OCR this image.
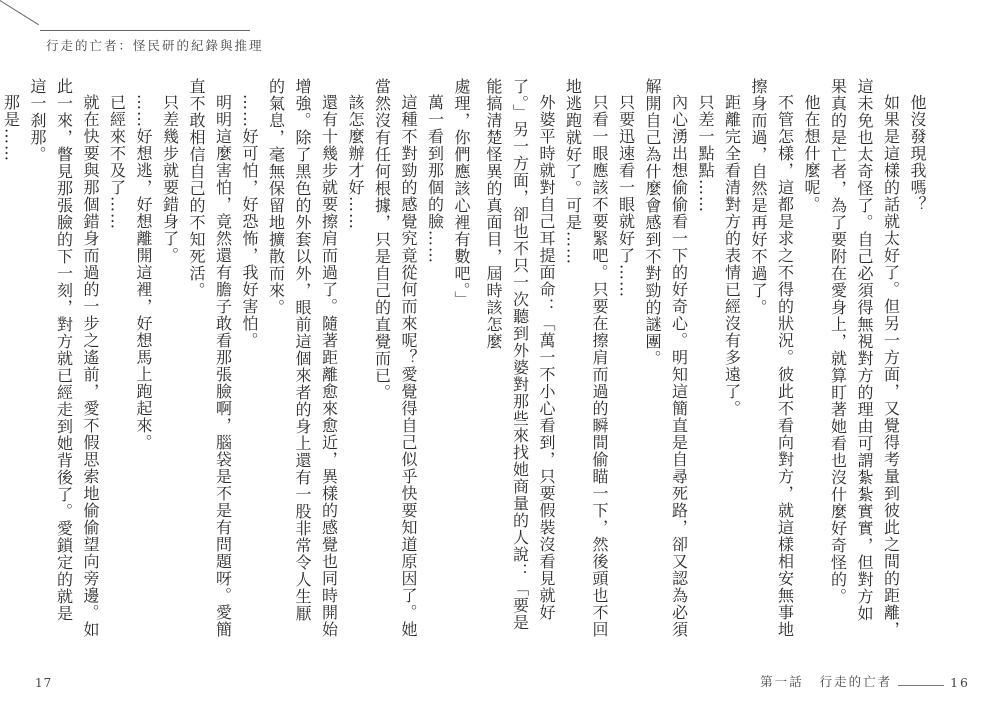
行走的亡者：怪民研的紀錄與推理

處理，你們應該心裡有數吧。」

萬一看到那個的臉……

這種不對勁的感覺究竟從何而來呢？愛覺得自己似乎快要知道原因了。她當然沒有任何根據，只是自己的直覺而已。

該怎麼辦才好……

還有十幾步就要擦肩而過了。隨著距離愈來愈近，異樣的感覺也同時開始增強。除了黑色的外套以外，眼前這個來者的身上還有一股非常令人生厭的氣息，毫無保留地擴散而來。

……好可怕，好恐怖，我好害怕。

明明這麼害怕，竟然還有膽子敢看那張臉啊，腦袋是不是有問題呀。愛簡直不敢相信自己的不知死活。

只差幾步就要錯身了。

……好想逃，好想離開這裡，好想馬上跑起來。

已經來不及了……

就在快要與那個錯身而過的一步之遙前，愛不假思索地偷偷望向旁邊。如此一來，瞥見那張臉的下一刻，對方就已經走到她背後了。愛鎖定的就是這一刹那。

那是……

17

他沒發現我嗎？

如果是這樣的話就太好了。但另一方面，又覺得考量到彼此之間的距離，這未免也太奇怪了。自己必須得無視對方的理由可謂紮紮實實，但對方如果真的是亡者，為了要附在愛身上，就算盯著她看也沒什麼好奇怪的。

他在想什麼呢。

不管怎樣，這都是求之不得的狀況。彼此不看向對方，就這樣相安無事地擦身而過，自然是再好不過了。

距離完全看清對方的表情已經沒有多遠了。

只差一點點……

內心湧出想偷偷看一下的好奇心。明知這簡直是自尋死路，卻又認為必須解開自己為什麼會感到不對勁的謎團。

只要迅速看一眼就好了……

只看一眼應該不要緊吧。只要在擦肩而過的瞬間偷瞄一下，然後頭也不回地逃跑就好了。可是……

外婆平時就對自己耳提面命：「萬一不小心看到，只要假裝沒看見就好了。」另一方面，卻也不只一次聽到外婆對那些來找她商量的人說：「要是能搞清楚怪異的真面目，屆時該怎麼

第一話 行走的亡者	16
